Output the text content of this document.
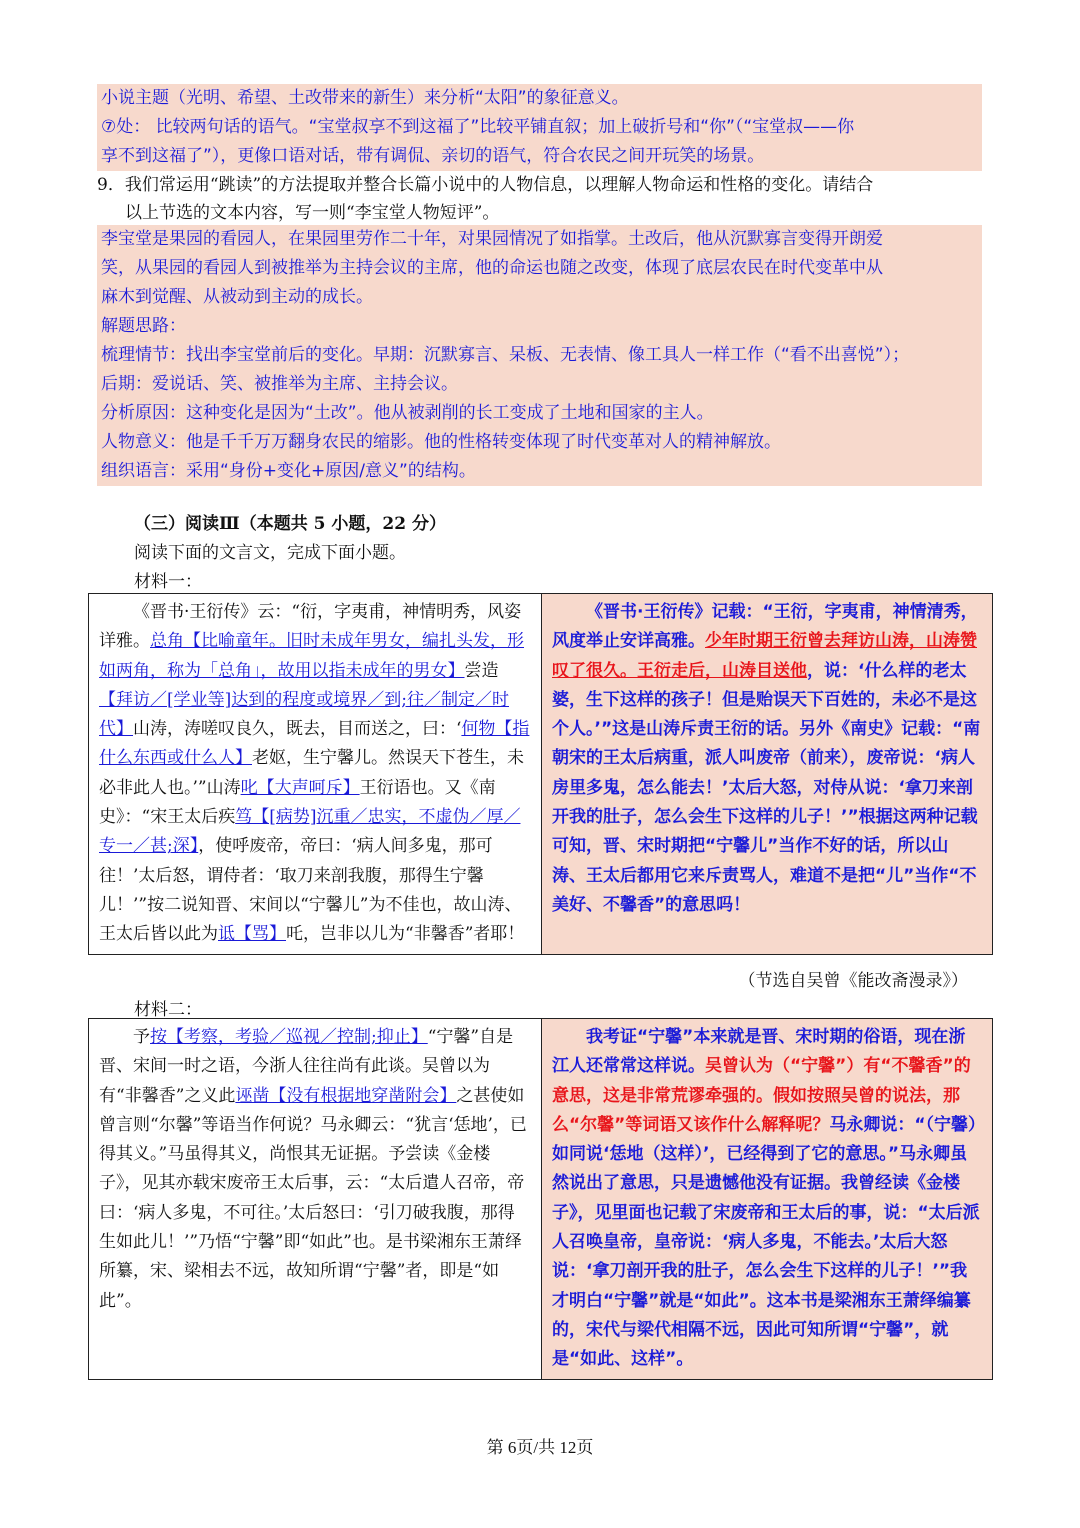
小说主题（光明、希望、土改带来的新生）来分析“太阳”的象征意义。

⑦处： 比较两句话的语气。“宝堂叔享不到这福了”比较平铺直叙；加上破折号和“你”（“宝堂叔——你

享不到这福了”），更像口语对话，带有调侃、亲切的语气，符合农民之间开玩笑的场景。

9．我们常运用“跳读”的方法提取并整合长篇小说中的人物信息，以理解人物命运和性格的变化。请结合

以上节选的文本内容，写一则“李宝堂人物短评”。

李宝堂是果园的看园人，在果园里劳作二十年，对果园情况了如指掌。土改后，他从沉默寡言变得开朗爱

笑，从果园的看园人到被推举为主持会议的主席，他的命运也随之改变，体现了底层农民在时代变革中从

麻木到觉醒、从被动到主动的成长。

解题思路：

梳理情节：找出李宝堂前后的变化。早期：沉默寡言、呆板、无表情、像工具人一样工作（“看不出喜悦”）；

后期：爱说话、笑、被推举为主席、主持会议。

分析原因：这种变化是因为“土改”。他从被剥削的长工变成了土地和国家的主人。

人物意义：他是千千万万翻身农民的缩影。他的性格转变体现了时代变革对人的精神解放。

组织语言：采用“身份+变化+原因/意义”的结构。

（三）阅读Ⅲ（本题共 5 小题，22 分）
阅读下面的文言文，完成下面小题。
材料一：
《晋书·王衍传》云：“衍，字夷甫，神情明秀，风姿详雅。总角【比喻童年。旧时未成年男女，编扎头发，形如两角，称为「总角」，故用以指未成年的男女】尝造【拜访／[学业等]达到的程度或境界／到;往／制定／时代】山涛，涛嗟叹良久，既去，目而送之，曰：‘何物【指什么东西或什么人】老妪，生宁馨儿。然误天下苍生，未必非此人也。’”山涛叱【大声呵斥】王衍语也。又《南史》：“宋王太后疾笃【[病势]沉重／忠实，不虚伪／厚／专一／甚;深】，使呼废帝，帝曰：‘病人间多鬼，那可往！’太后怒，谓侍者：‘取刀来剖我腹，那得生宁馨儿！’”按二说知晋、宋间以“宁馨儿”为不佳也，故山涛、王太后皆以此为诋【骂】吒，岂非以儿为“非馨香”者耶！	《晋书·王衍传》记载：“王衍，字夷甫，神情清秀，风度举止安详高雅。少年时期王衍曾去拜访山涛，山涛赞叹了很久。王衍走后，山涛目送他，说：‘什么样的老太婆，生下这样的孩子！但是贻误天下百姓的，未必不是这个人。’”这是山涛斥责王衍的话。另外《南史》记载：“南朝宋的王太后病重，派人叫废帝（前来），废帝说：‘病人房里多鬼，怎么能去！’太后大怒，对侍从说：‘拿刀来剖开我的肚子，怎么会生下这样的儿子！’”根据这两种记载可知，晋、宋时期把“宁馨儿”当作不好的话，所以山涛、王太后都用它来斥责骂人，难道不是把“儿”当作“不美好、不馨香”的意思吗！
（节选自吴曾《能改斋漫录》）
材料二：
予按【考察，考验／巡视／控制;抑止】“宁馨”自是晋、宋间一时之语，今浙人往往尚有此谈。吴曾以为有“非馨香”之义此诬凿【没有根据地穿凿附会】之甚使如曾言则“尔馨”等语当作何说？马永卿云：“犹言‘恁地’，已得其义。”马虽得其义，尚恨其无证据。予尝读《金楼子》，见其亦载宋废帝王太后事，云：“太后遣人召帝，帝曰：‘病人多鬼，不可往。’太后怒曰：‘引刀破我腹，那得生如此儿！’”乃悟“宁馨”即“如此”也。是书梁湘东王萧绎所纂，宋、梁相去不远，故知所谓“宁馨”者，即是“如此”。	我考证“宁馨”本来就是晋、宋时期的俗语，现在浙江人还常常这样说。吴曾认为（“宁馨”）有“不馨香”的意思，这是非常荒谬牵强的。假如按照吴曾的说法，那么“尔馨”等词语又该作什么解释呢？马永卿说：“（宁馨）如同说‘恁地（这样）’，已经得到了它的意思。”马永卿虽然说出了意思，只是遗憾他没有证据。我曾经读《金楼子》，见里面也记载了宋废帝和王太后的事，说：“太后派人召唤皇帝，皇帝说：‘病人多鬼，不能去。’太后大怒说：‘拿刀剖开我的肚子，怎么会生下这样的儿子！’”我才明白“宁馨”就是“如此”。这本书是梁湘东王萧绎编纂的，宋代与梁代相隔不远，因此可知所谓“宁馨”，就是“如此、这样”。
第 6页/共 12页
